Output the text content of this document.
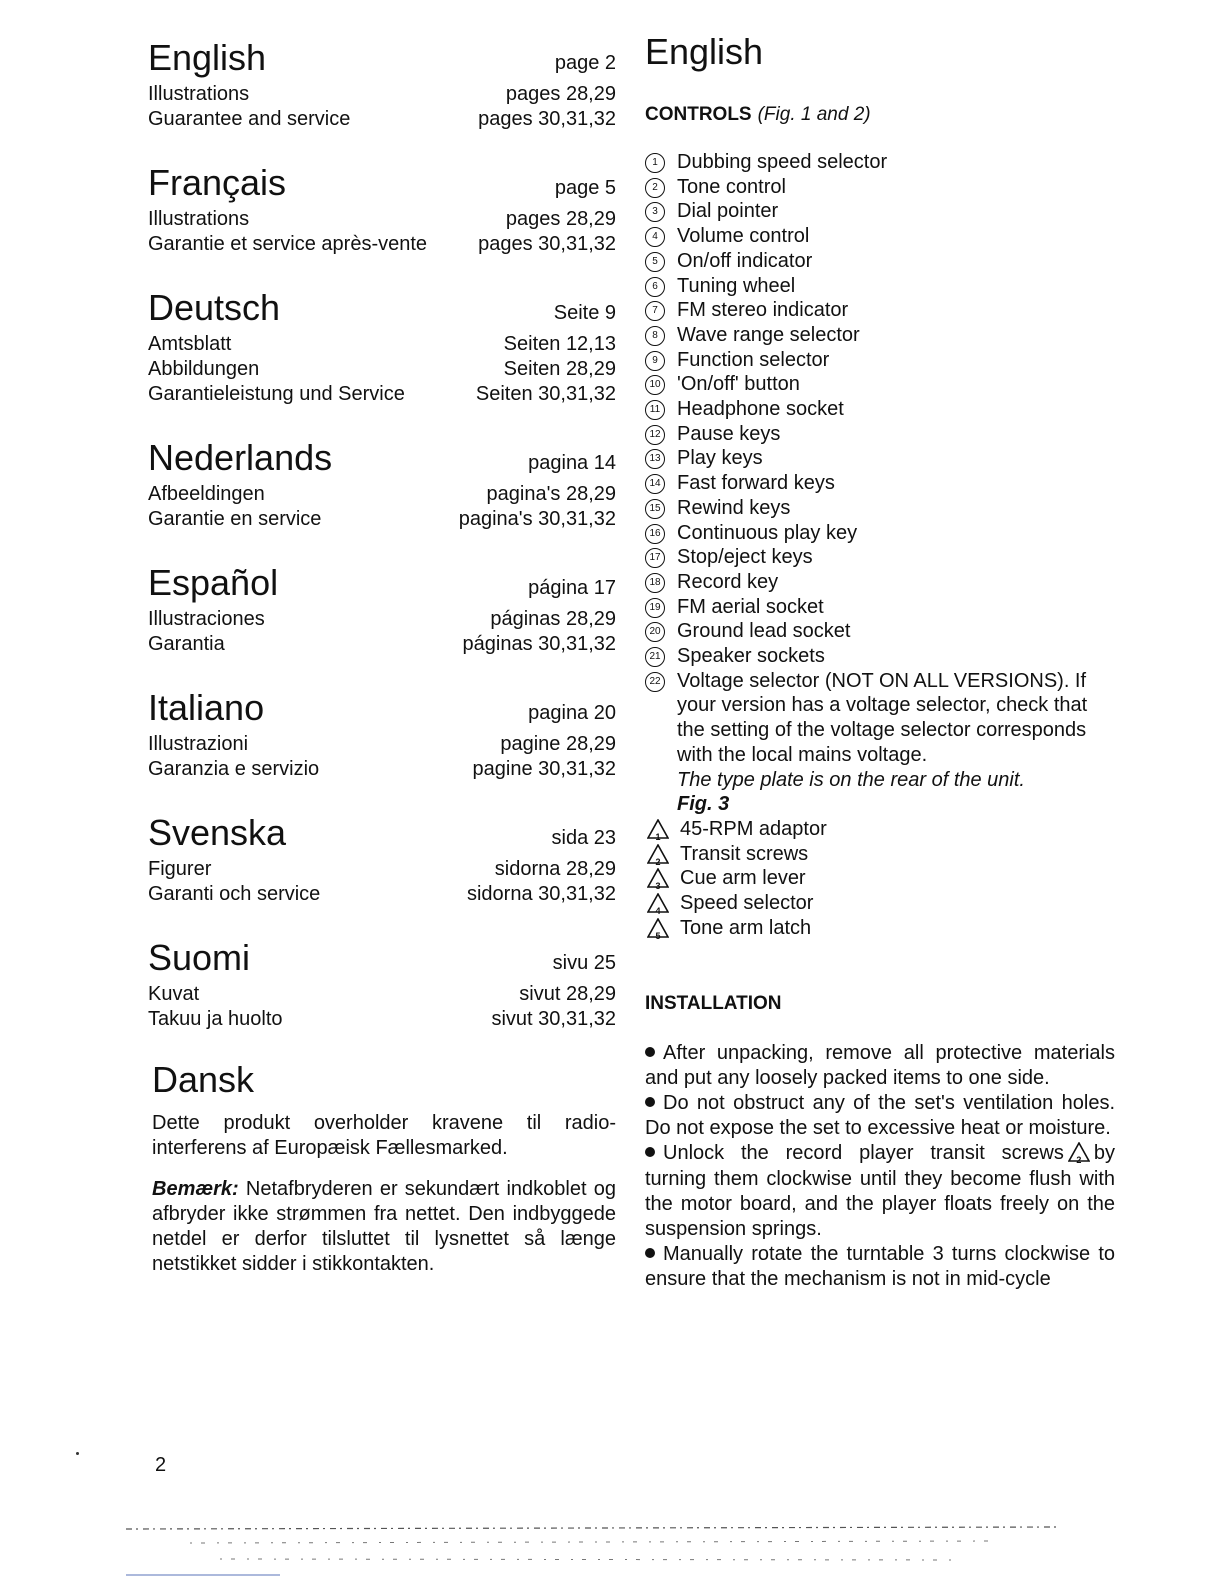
English	page 2
Illustrations	pages 28,29
Guarantee and service	pages 30,31,32
Français	page 5
Illustrations	pages 28,29
Garantie et service après-vente	pages 30,31,32
Deutsch	Seite 9
Amtsblatt	Seiten 12,13
Abbildungen	Seiten 28,29
Garantieleistung und Service	Seiten 30,31,32
Nederlands	pagina 14
Afbeeldingen	pagina's 28,29
Garantie en service	pagina's 30,31,32
Español	página 17
Illustraciones	páginas 28,29
Garantia	páginas 30,31,32
Italiano	pagina 20
Illustrazioni	pagine 28,29
Garanzia e servizio	pagine 30,31,32
Svenska	sida 23
Figurer	sidorna 28,29
Garanti och service	sidorna 30,31,32
Suomi	sivu 25
Kuvat	sivut 28,29
Takuu ja huolto	sivut 30,31,32
Dansk

Dette produkt overholder kravene til radio-interferens af Europæisk Fællesmarked.

Bemærk: Netafbryderen er sekundært indkoblet og afbryder ikke strømmen fra nettet. Den indbyggede netdel er derfor tilsluttet til lysnettet så længe netstikket sidder i stikkontakten.

English
CONTROLS (Fig. 1 and 2)
1 Dubbing speed selector
2 Tone control
3 Dial pointer
4 Volume control
5 On/off indicator
6 Tuning wheel
7 FM stereo indicator
8 Wave range selector
9 Function selector
10 'On/off' button
11 Headphone socket
12 Pause keys
13 Play keys
14 Fast forward keys
15 Rewind keys
16 Continuous play key
17 Stop/eject keys
18 Record key
19 FM aerial socket
20 Ground lead socket
21 Speaker sockets
22 Voltage selector (NOT ON ALL VERSIONS). If your version has a voltage selector, check that the setting of the voltage selector corresponds with the local mains voltage.
The type plate is on the rear of the unit.
Fig. 3
1 45-RPM adaptor
2 Transit screws
3 Cue arm lever
4 Speed selector
5 Tone arm latch
INSTALLATION

After unpacking, remove all protective materials and put any loosely packed items to one side.

Do not obstruct any of the set's ventilation holes. Do not expose the set to excessive heat or moisture.

Unlock the record player transit screws	2 by turning them clockwise until they become flush with the motor board, and the player floats freely on the suspension springs.

Manually rotate the turntable 3 turns clockwise to ensure that the mechanism is not in mid-cycle

2
